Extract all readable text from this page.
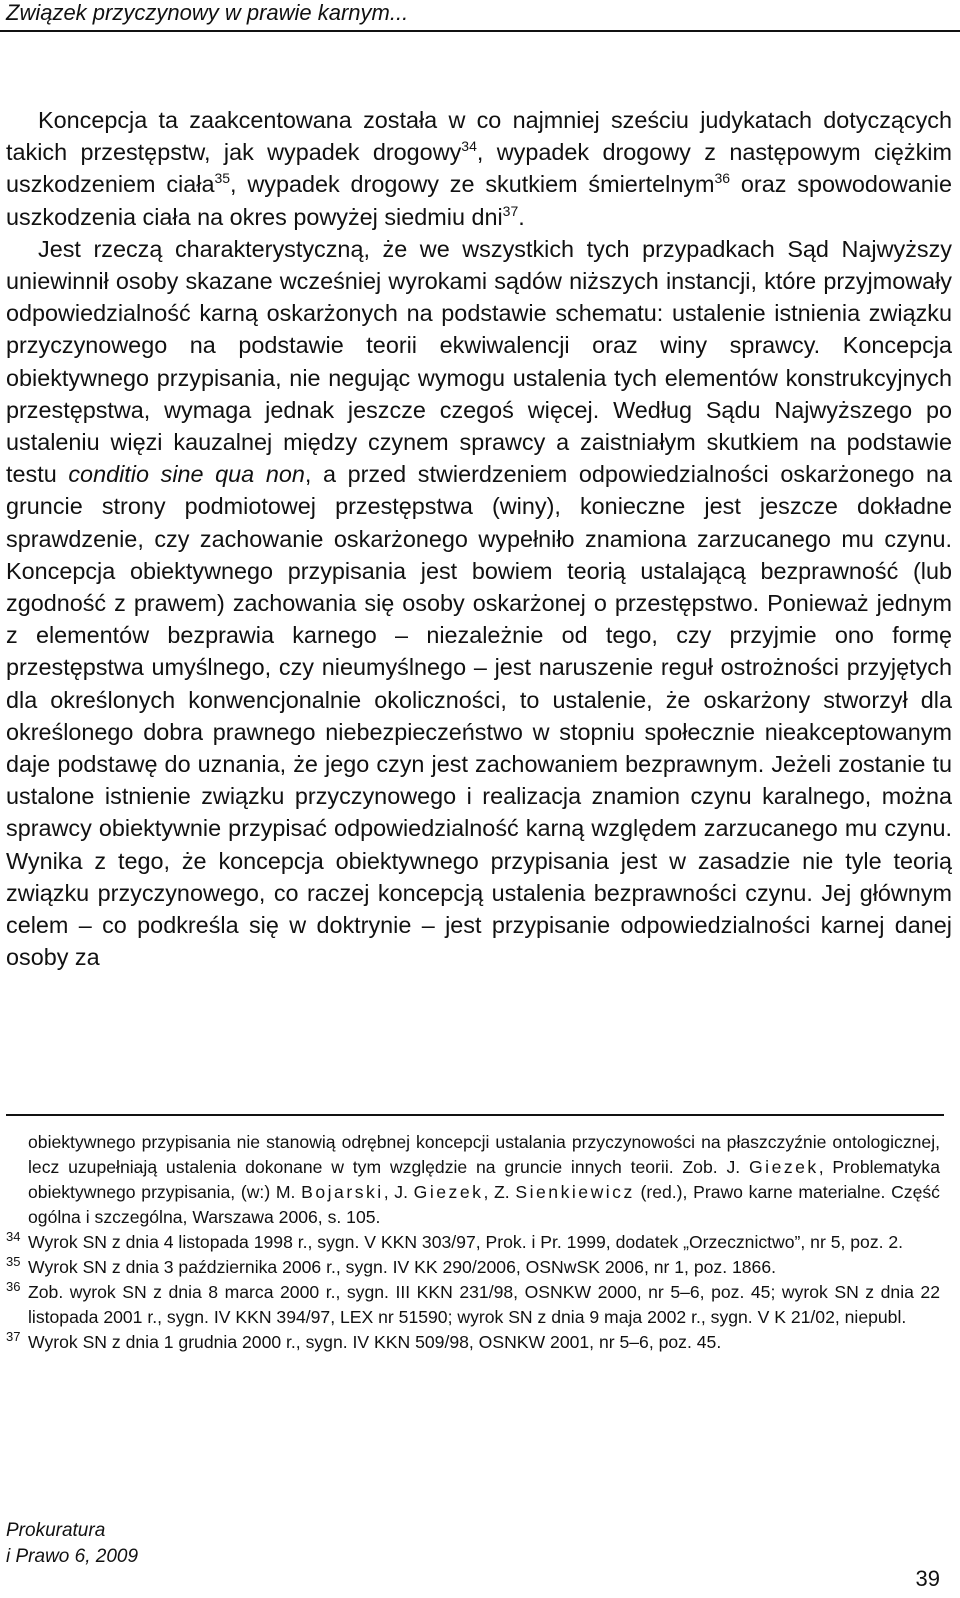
Związek przyczynowy w prawie karnym...

Koncepcja ta zaakcentowana została w co najmniej sześciu judykatach dotyczących takich przestępstw, jak wypadek drogowy$^{34}$, wypadek drogowy z następowym ciężkim uszkodzeniem ciała$^{35}$, wypadek drogowy ze skutkiem śmiertelnym$^{36}$ oraz spowodowanie uszkodzenia ciała na okres powyżej siedmiu dni$^{37}$.

Jest rzeczą charakterystyczną, że we wszystkich tych przypadkach Sąd Najwyższy uniewinnił osoby skazane wcześniej wyrokami sądów niższych instancji, które przyjmowały odpowiedzialność karną oskarżonych na podstawie schematu: ustalenie istnienia związku przyczynowego na podstawie teorii ekwiwalencji oraz winy sprawcy. Koncepcja obiektywnego przypisania, nie negując wymogu ustalenia tych elementów konstrukcyjnych przestępstwa, wymaga jednak jeszcze czegoś więcej. Według Sądu Najwyższego po ustaleniu więzi kauzalnej między czynem sprawcy a zaistniałym skutkiem na podstawie testu conditio sine qua non, a przed stwierdzeniem odpowiedzialności oskarżonego na gruncie strony podmiotowej przestępstwa (winy), konieczne jest jeszcze dokładne sprawdzenie, czy zachowanie oskarżonego wypełniło znamiona zarzucanego mu czynu. Koncepcja obiektywnego przypisania jest bowiem teorią ustalającą bezprawność (lub zgodność z prawem) zachowania się osoby oskarżonej o przestępstwo. Ponieważ jednym z elementów bezprawia karnego – niezależnie od tego, czy przyjmie ono formę przestępstwa umyślnego, czy nieumyślnego – jest naruszenie reguł ostrożności przyjętych dla określonych konwencjonalnie okoliczności, to ustalenie, że oskarżony stworzył dla określonego dobra prawnego niebezpieczeństwo w stopniu społecznie nieakceptowanym daje podstawę do uznania, że jego czyn jest zachowaniem bezprawnym. Jeżeli zostanie tu ustalone istnienie związku przyczynowego i realizacja znamion czynu karalnego, można sprawcy obiektywnie przypisać odpowiedzialność karną względem zarzucanego mu czynu. Wynika z tego, że koncepcja obiektywnego przypisania jest w zasadzie nie tyle teorią związku przyczynowego, co raczej koncepcją ustalenia bezprawności czynu. Jej głównym celem – co podkreśla się w doktrynie – jest przypisanie odpowiedzialności karnej danej osoby za

obiektywnego przypisania nie stanowią odrębnej koncepcji ustalania przyczynowości na płaszczyźnie ontologicznej, lecz uzupełniają ustalenia dokonane w tym względzie na gruncie innych teorii. Zob. J. Giezek, Problematyka obiektywnego przypisania, (w:) M. Bojarski, J. Giezek, Z. Sienkiewicz (red.), Prawo karne materialne. Część ogólna i szczególna, Warszawa 2006, s. 105.

34 Wyrok SN z dnia 4 listopada 1998 r., sygn. V KKN 303/97, Prok. i Pr. 1999, dodatek „Orzecznictwo”, nr 5, poz. 2.

35 Wyrok SN z dnia 3 października 2006 r., sygn. IV KK 290/2006, OSNwSK 2006, nr 1, poz. 1866.

36 Zob. wyrok SN z dnia 8 marca 2000 r., sygn. III KKN 231/98, OSNKW 2000, nr 5–6, poz. 45; wyrok SN z dnia 22 listopada 2001 r., sygn. IV KKN 394/97, LEX nr 51590; wyrok SN z dnia 9 maja 2002 r., sygn. V K 21/02, niepubl.

37 Wyrok SN z dnia 1 grudnia 2000 r., sygn. IV KKN 509/98, OSNKW 2001, nr 5–6, poz. 45.

Prokuratura
i Prawo 6, 2009
39
